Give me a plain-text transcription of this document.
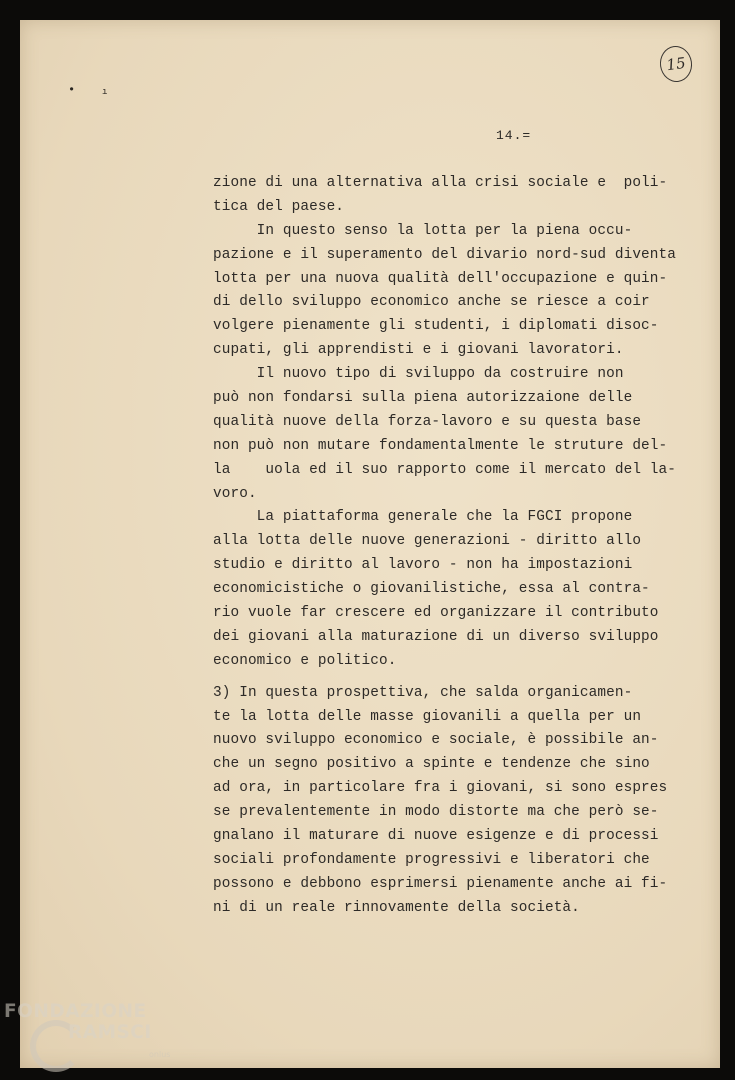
•	ı
15
14.=
zione di una alternativa alla crisi sociale e  poli-
tica del paese.
In questo senso la lotta per la piena occu-
pazione e il superamento del divario nord-sud diventa
lotta per una nuova qualità dell'occupazione e quin-
di dello sviluppo economico anche se riesce a coir
volgere pienamente gli studenti, i diplomati disoc-
cupati, gli apprendisti e i giovani lavoratori.
Il nuovo tipo di sviluppo da costruire non
può non fondarsi sulla piena autorizzaione delle
qualità nuove della forza-lavoro e su questa base
non può non mutare fondamentalmente le struture del-
la    uola ed il suo rapporto come il mercato del la-
voro.
La piattaforma generale che la FGCI propone
alla lotta delle nuove generazioni - diritto allo
studio e diritto al lavoro - non ha impostazioni
economicistiche o giovanilistiche, essa al contra-
rio vuole far crescere ed organizzare il contributo
dei giovani alla maturazione di un diverso sviluppo
economico e politico.
3) In questa prospettiva, che salda organicamen-
te la lotta delle masse giovanili a quella per un
nuovo sviluppo economico e sociale, è possibile an-
che un segno positivo a spinte e tendenze che sino
ad ora, in particolare fra i giovani, si sono espres
se prevalentemente in modo distorte ma che però se-
gnalano il maturare di nuove esigenze e di processi
sociali profondamente progressivi e liberatori che
possono e debbono esprimersi pienamente anche ai fi-
ni di un reale rinnovamente della società.
FONDAZIONE
RAMSCI
onlus
